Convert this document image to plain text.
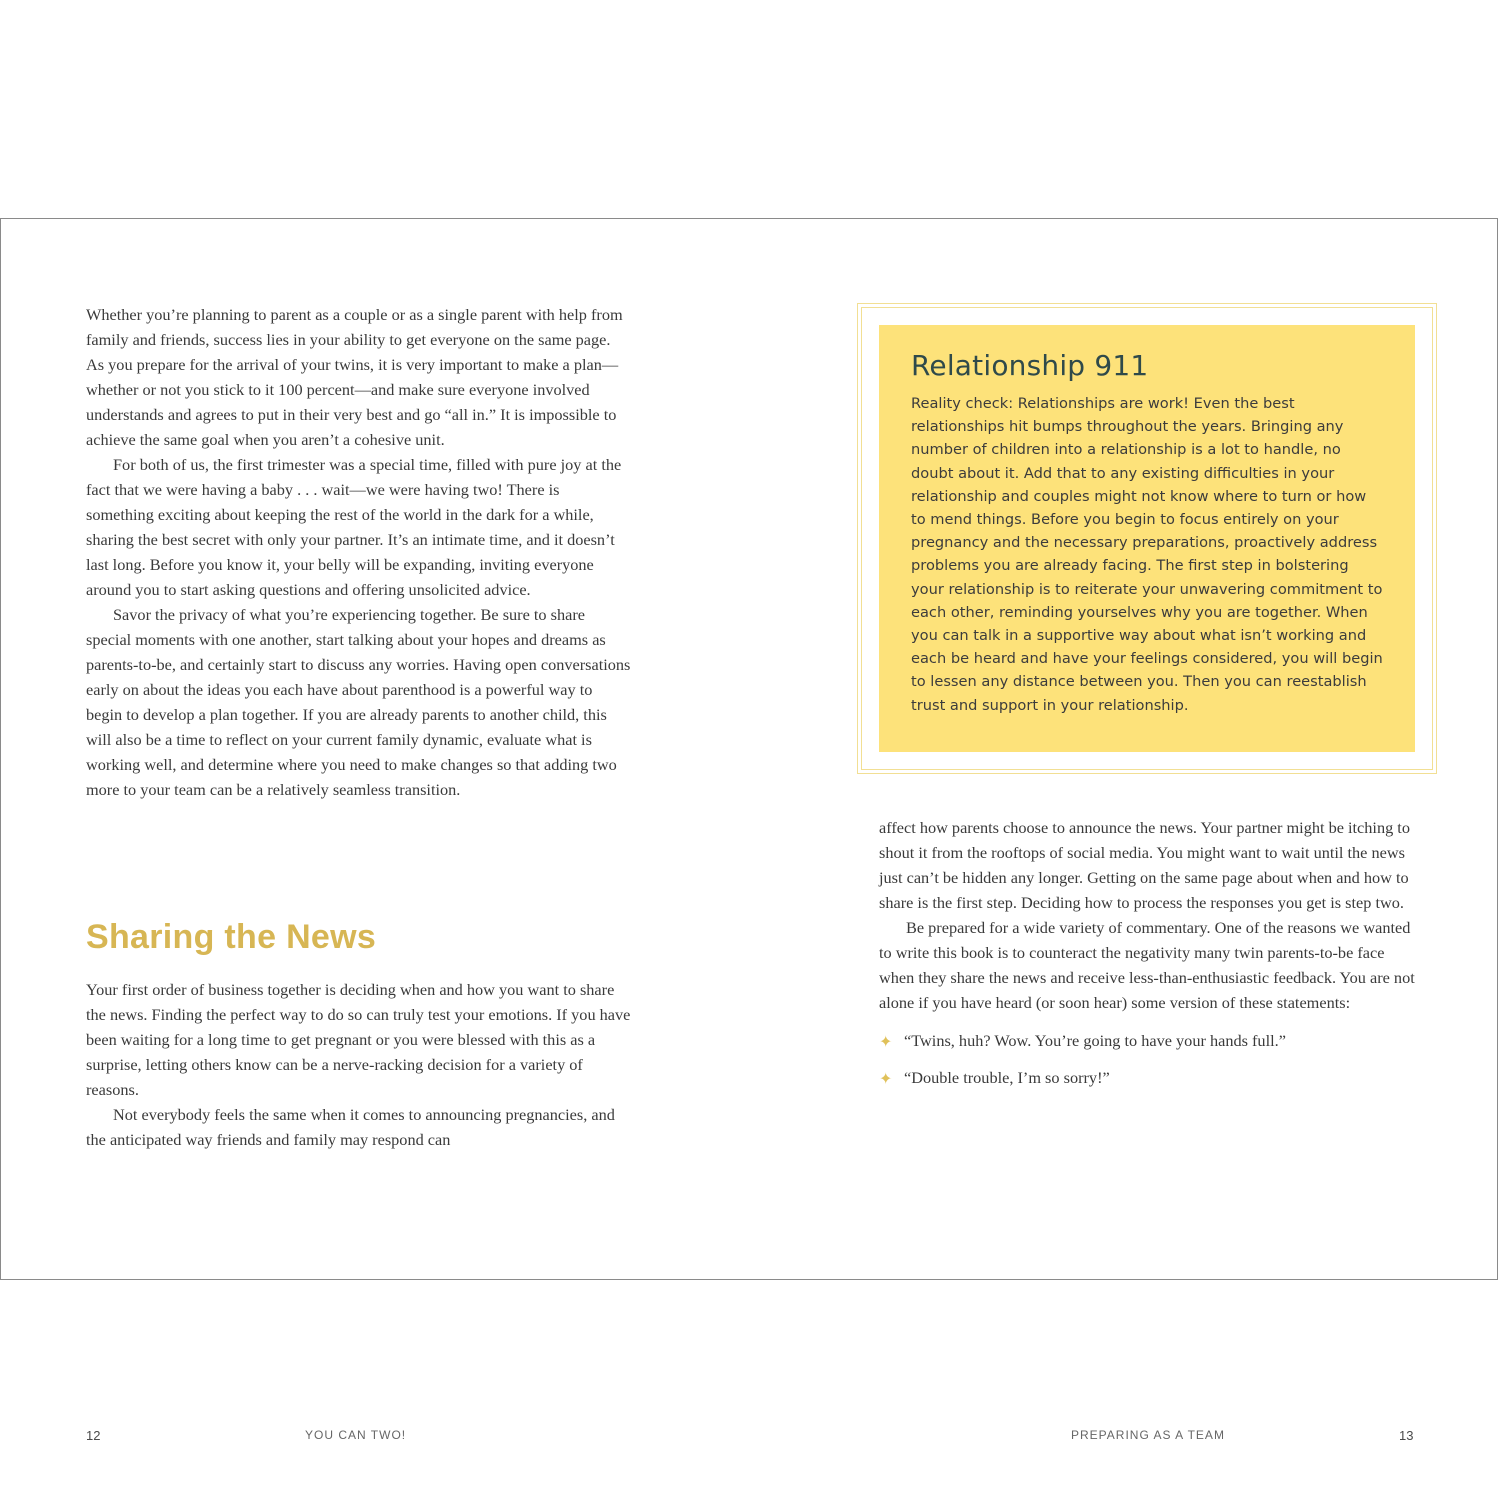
Whether you’re planning to parent as a couple or as a single parent with help from family and friends, success lies in your ability to get everyone on the same page. As you prepare for the arrival of your twins, it is very important to make a plan—whether or not you stick to it 100 percent—and make sure everyone involved understands and agrees to put in their very best and go “all in.” It is impossible to achieve the same goal when you aren’t a cohesive unit.

For both of us, the first trimester was a special time, filled with pure joy at the fact that we were having a baby . . . wait—we were having two! There is something exciting about keeping the rest of the world in the dark for a while, sharing the best secret with only your partner. It’s an intimate time, and it doesn’t last long. Before you know it, your belly will be expanding, inviting everyone around you to start asking questions and offering unsolicited advice.

Savor the privacy of what you’re experiencing together. Be sure to share special moments with one another, start talking about your hopes and dreams as parents-to-be, and certainly start to discuss any worries. Having open conversations early on about the ideas you each have about parenthood is a powerful way to begin to develop a plan together. If you are already parents to another child, this will also be a time to reflect on your current family dynamic, evaluate what is working well, and determine where you need to make changes so that adding two more to your team can be a relatively seamless transition.

Sharing the News

Your first order of business together is deciding when and how you want to share the news. Finding the perfect way to do so can truly test your emotions. If you have been waiting for a long time to get pregnant or you were blessed with this as a surprise, letting others know can be a nerve-racking decision for a variety of reasons.

Not everybody feels the same when it comes to announcing pregnancies, and the anticipated way friends and family may respond can

Relationship 911

Reality check: Relationships are work! Even the best relationships hit bumps throughout the years. Bringing any number of children into a relationship is a lot to handle, no doubt about it. Add that to any existing difficulties in your relationship and couples might not know where to turn or how to mend things. Before you begin to focus entirely on your pregnancy and the necessary preparations, proactively address problems you are already facing. The first step in bolstering your relationship is to reiterate your unwavering commitment to each other, reminding yourselves why you are together. When you can talk in a supportive way about what isn’t working and each be heard and have your feelings considered, you will begin to lessen any distance between you. Then you can reestablish trust and support in your relationship.

affect how parents choose to announce the news. Your partner might be itching to shout it from the rooftops of social media. You might want to wait until the news just can’t be hidden any longer. Getting on the same page about when and how to share is the first step. Deciding how to process the responses you get is step two.

Be prepared for a wide variety of commentary. One of the reasons we wanted to write this book is to counteract the negativity many twin parents-to-be face when they share the news and receive less-than-enthusiastic feedback. You are not alone if you have heard (or soon hear) some version of these statements:

✦ “Twins, huh? Wow. You’re going to have your hands full.”
✦ “Double trouble, I’m so sorry!”
12	YOU CAN TWO!	PREPARING AS A TEAM	13
